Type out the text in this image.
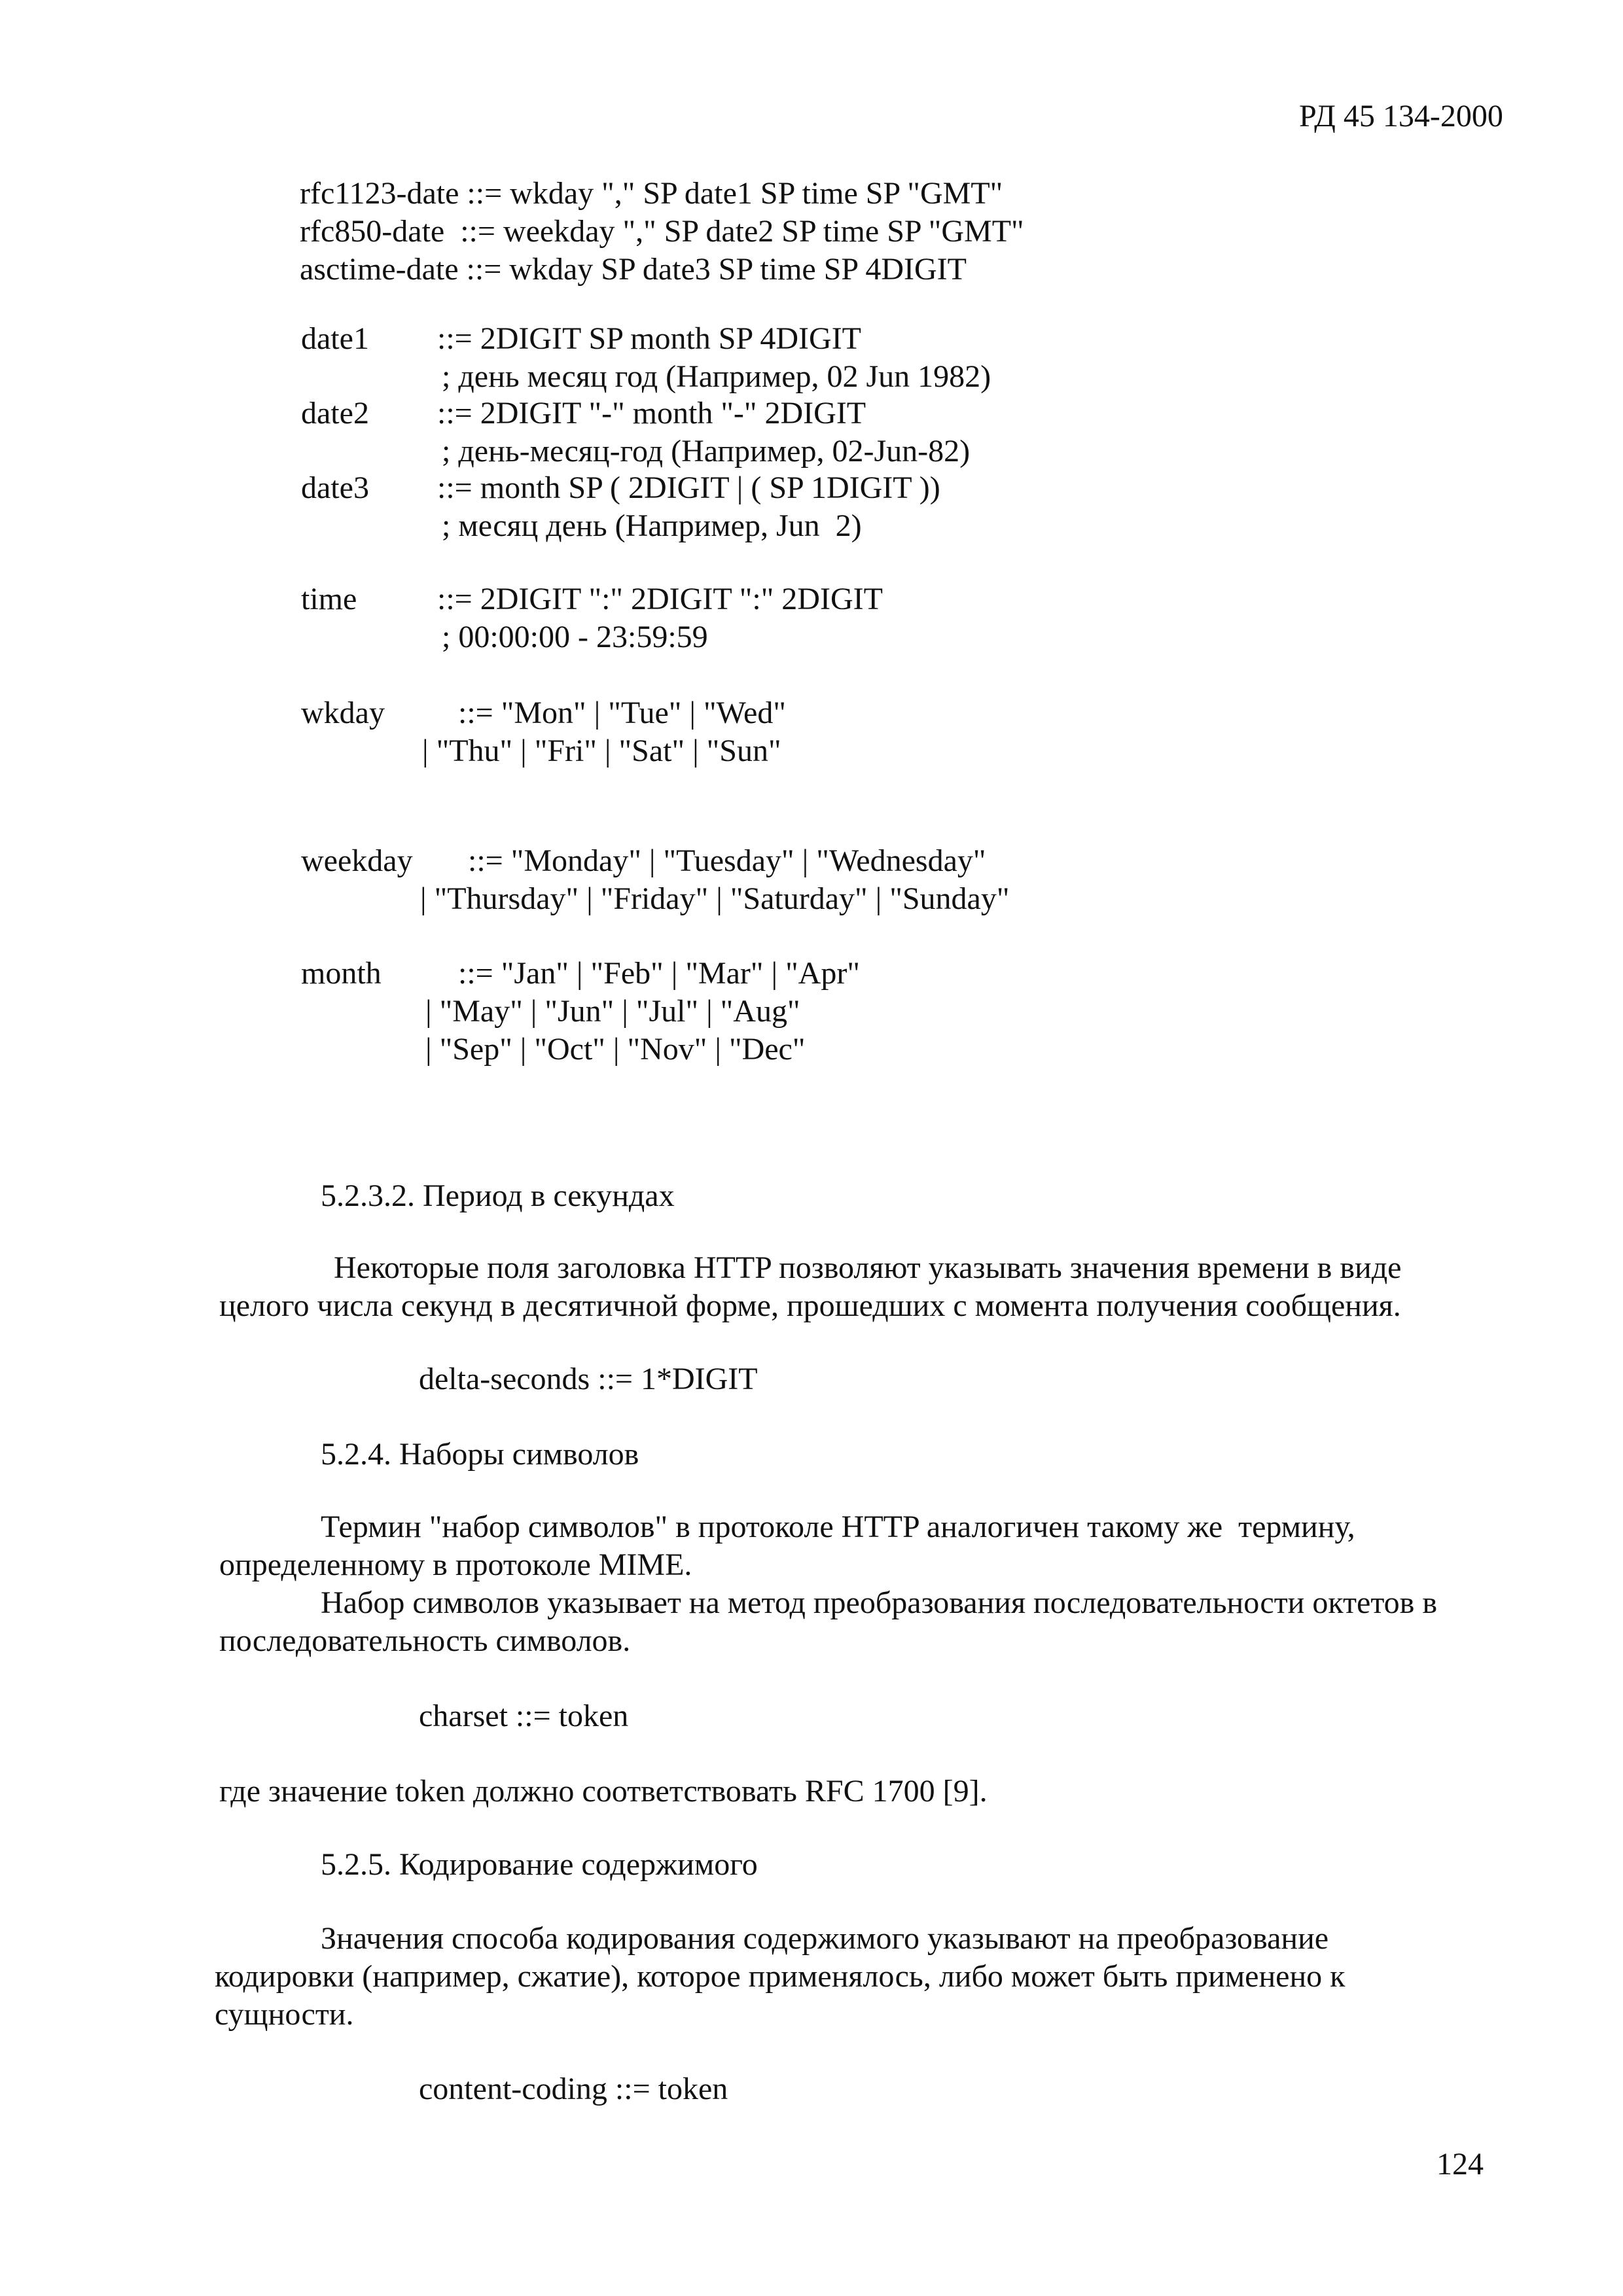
РД 45 134-2000
rfc1123-date ::= wkday "," SP date1 SP time SP "GMT"
rfc850-date  ::= weekday "," SP date2 SP time SP "GMT"
asctime-date ::= wkday SP date3 SP time SP 4DIGIT
date1 ::= 2DIGIT SP month SP 4DIGIT
; день месяц год (Например, 02 Jun 1982)
date2 ::= 2DIGIT "-" month "-" 2DIGIT
; день-месяц-год (Например, 02-Jun-82)
date3 ::= month SP ( 2DIGIT | ( SP 1DIGIT ))
; месяц день (Например, Jun  2)
time	::= 2DIGIT ":" 2DIGIT ":" 2DIGIT
; 00:00:00 - 23:59:59
wkday ::= "Mon" | "Tue" | "Wed"
| "Thu" | "Fri" | "Sat" | "Sun"
weekday ::= "Monday" | "Tuesday" | "Wednesday"
| "Thursday" | "Friday" | "Saturday" | "Sunday"
month ::= "Jan" | "Feb" | "Mar" | "Apr"
| "May" | "Jun" | "Jul" | "Aug"
| "Sep" | "Oct" | "Nov" | "Dec"
5.2.3.2. Период в секундах
Некоторые поля заголовка HTTP позволяют указывать значения времени в виде
целого числа секунд в десятичной форме, прошедших с момента получения сообщения.
delta-seconds ::= 1*DIGIT
5.2.4. Наборы символов
Термин "набор символов" в протоколе HTTP аналогичен такому же  термину,
определенному в протоколе MIME.
Набор символов указывает на метод преобразования последовательности октетов в
последовательность символов.
charset ::= token
где значение token должно соответствовать RFC 1700 [9].
5.2.5. Кодирование содержимого
Значения способа кодирования содержимого указывают на преобразование
кодировки (например, сжатие), которое применялось, либо может быть применено к
сущности.
content-coding ::= token
124
